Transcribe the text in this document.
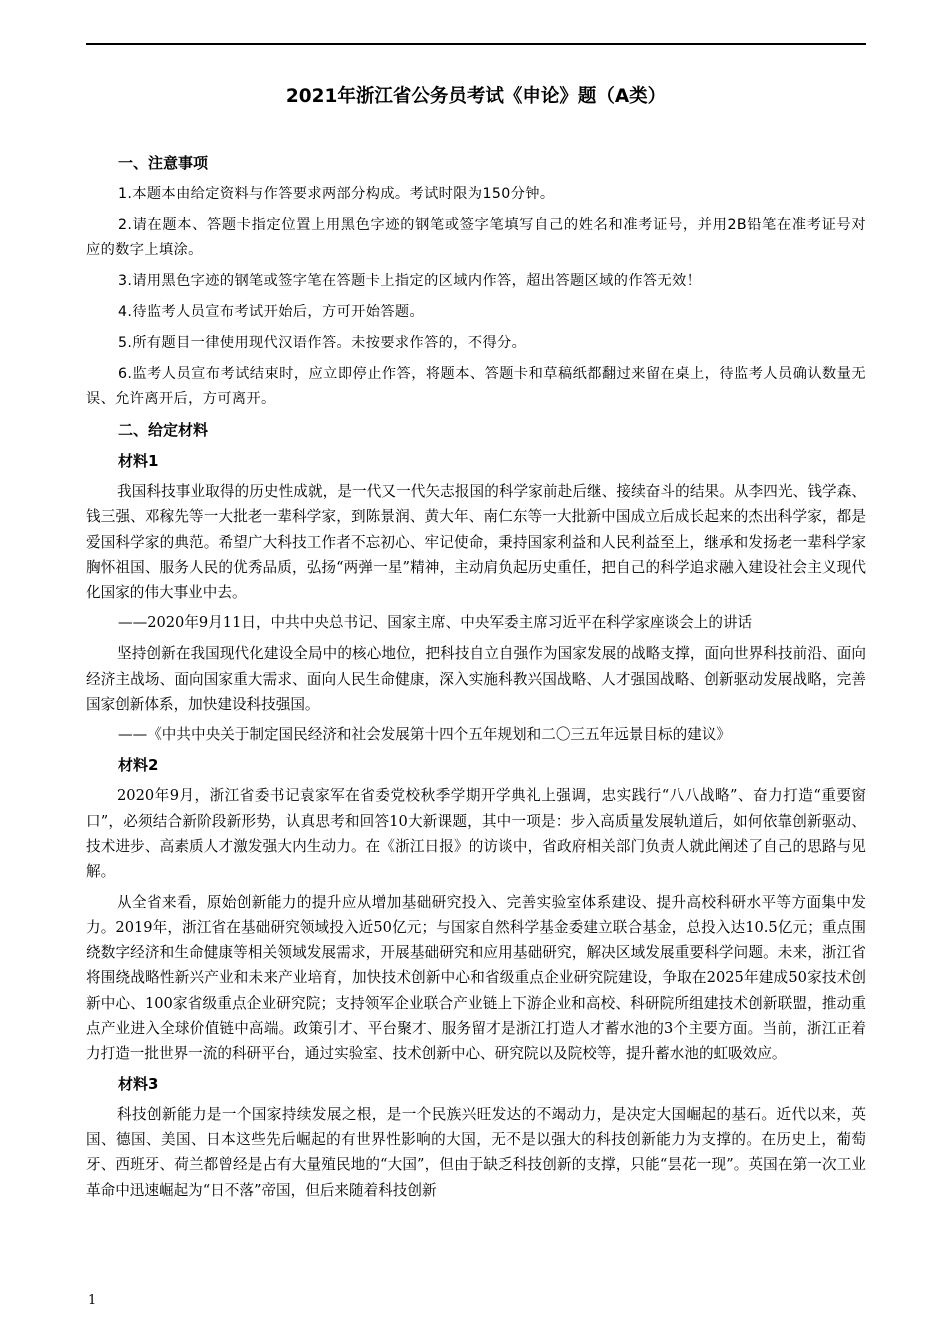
2021年浙江省公务员考试《申论》题（A类）
一、注意事项

1.本题本由给定资料与作答要求两部分构成。考试时限为150分钟。

2.请在题本、答题卡指定位置上用黑色字迹的钢笔或签字笔填写自己的姓名和准考证号，并用2B铅笔在准考证号对应的数字上填涂。

3.请用黑色字迹的钢笔或签字笔在答题卡上指定的区域内作答，超出答题区域的作答无效！

4.待监考人员宣布考试开始后，方可开始答题。

5.所有题目一律使用现代汉语作答。未按要求作答的，不得分。

6.监考人员宣布考试结束时，应立即停止作答，将题本、答题卡和草稿纸都翻过来留在桌上，待监考人员确认数量无误、允许离开后，方可离开。

二、给定材料
材料1

我国科技事业取得的历史性成就，是一代又一代矢志报国的科学家前赴后继、接续奋斗的结果。从李四光、钱学森、钱三强、邓稼先等一大批老一辈科学家，到陈景润、黄大年、南仁东等一大批新中国成立后成长起来的杰出科学家，都是爱国科学家的典范。希望广大科技工作者不忘初心、牢记使命，秉持国家利益和人民利益至上，继承和发扬老一辈科学家胸怀祖国、服务人民的优秀品质，弘扬“两弹一星”精神，主动肩负起历史重任，把自己的科学追求融入建设社会主义现代化国家的伟大事业中去。

——2020年9月11日，中共中央总书记、国家主席、中央军委主席习近平在科学家座谈会上的讲话

坚持创新在我国现代化建设全局中的核心地位，把科技自立自强作为国家发展的战略支撑，面向世界科技前沿、面向经济主战场、面向国家重大需求、面向人民生命健康，深入实施科教兴国战略、人才强国战略、创新驱动发展战略，完善国家创新体系，加快建设科技强国。

——《中共中央关于制定国民经济和社会发展第十四个五年规划和二〇三五年远景目标的建议》
材料2

2020年9月，浙江省委书记袁家军在省委党校秋季学期开学典礼上强调，忠实践行“八八战略”、奋力打造“重要窗口”，必须结合新阶段新形势，认真思考和回答10大新课题，其中一项是：步入高质量发展轨道后，如何依靠创新驱动、技术进步、高素质人才激发强大内生动力。在《浙江日报》的访谈中，省政府相关部门负责人就此阐述了自己的思路与见解。

从全省来看，原始创新能力的提升应从增加基础研究投入、完善实验室体系建设、提升高校科研水平等方面集中发力。2019年，浙江省在基础研究领域投入近50亿元；与国家自然科学基金委建立联合基金，总投入达10.5亿元；重点围绕数字经济和生命健康等相关领域发展需求，开展基础研究和应用基础研究，解决区域发展重要科学问题。未来，浙江省将围绕战略性新兴产业和未来产业培育，加快技术创新中心和省级重点企业研究院建设，争取在2025年建成50家技术创新中心、100家省级重点企业研究院；支持领军企业联合产业链上下游企业和高校、科研院所组建技术创新联盟，推动重点产业进入全球价值链中高端。政策引才、平台聚才、服务留才是浙江打造人才蓄水池的3个主要方面。当前，浙江正着力打造一批世界一流的科研平台，通过实验室、技术创新中心、研究院以及院校等，提升蓄水池的虹吸效应。

材料3

科技创新能力是一个国家持续发展之根，是一个民族兴旺发达的不竭动力，是决定大国崛起的基石。近代以来，英国、德国、美国、日本这些先后崛起的有世界性影响的大国，无不是以强大的科技创新能力为支撑的。在历史上，葡萄牙、西班牙、荷兰都曾经是占有大量殖民地的“大国”，但由于缺乏科技创新的支撑，只能“昙花一现”。英国在第一次工业革命中迅速崛起为“日不落”帝国，但后来随着科技创新

1
